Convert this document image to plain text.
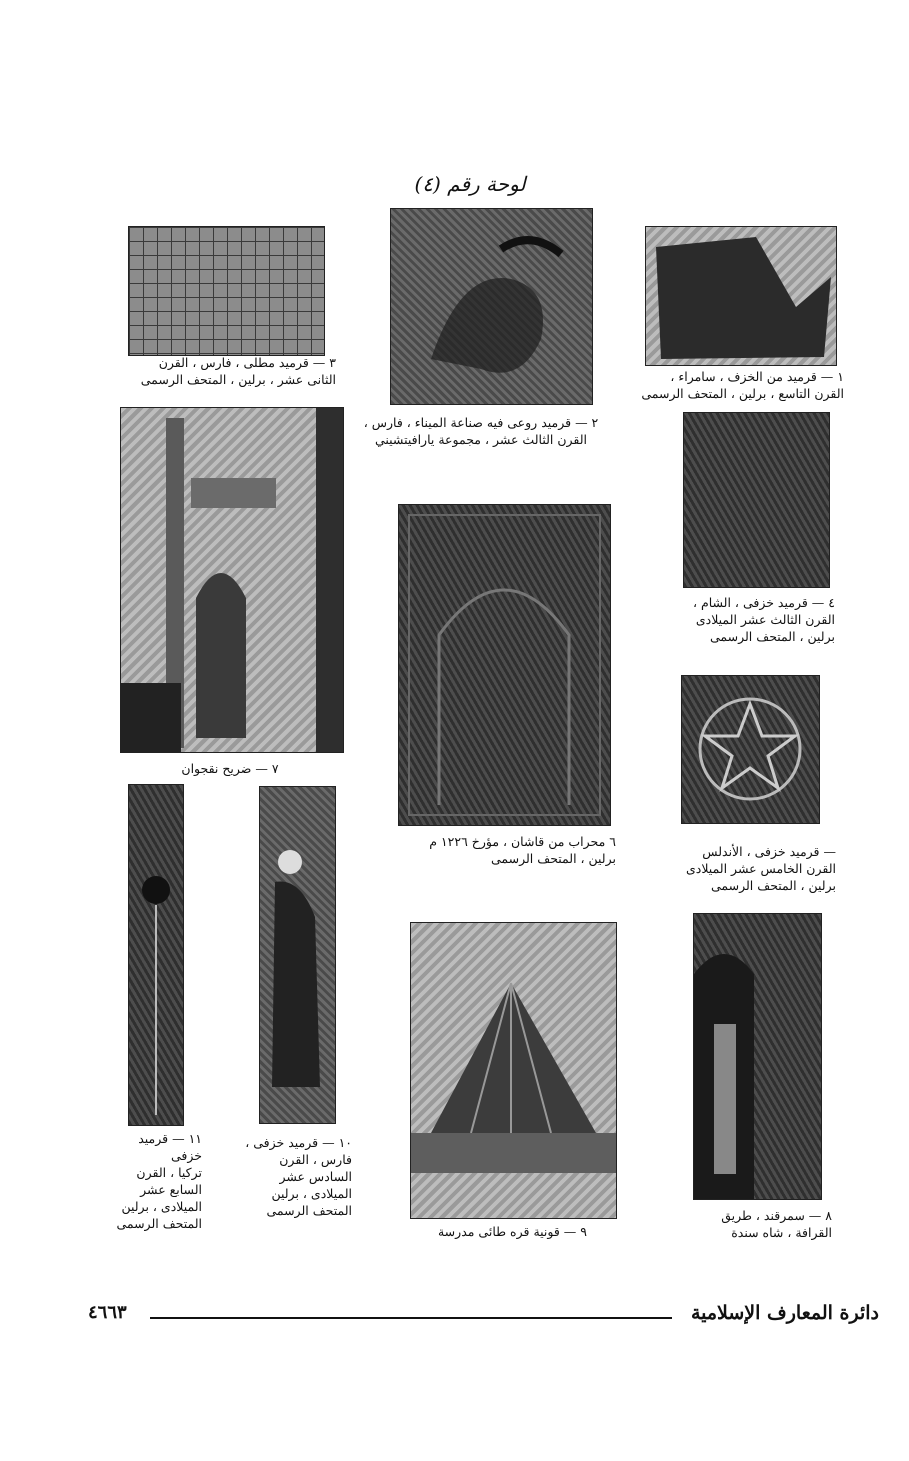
لوحة رقم (٤)
٣ — قرميد مطلى ، فارس ، القرن
الثانى عشر ، برلين ، المتحف الرسمى
٢ — قرميد روعى فيه صناعة الميناء ، فارس ،
القرن الثالث عشر ، مجموعة يارافيتشيني
١ — قرميد من الخزف ، سامراء ،
القرن التاسع ، برلين ، المتحف الرسمى
٧ — ضريح نقجوان
٤ — قرميد خزفى ، الشام ،
القرن الثالث عشر الميلادى
برلين ، المتحف الرسمى
٦ محراب من قاشان ، مؤرخ ١٢٢٦ م
برلين ، المتحف الرسمى	— قرميد خزفى ، الأندلس
القرن الخامس عشر الميلادى
برلين ، المتحف الرسمى
١١ — قرميد خزفى
تركيا ، القرن
السابع عشر
الميلادى ، برلين
المتحف الرسمى
١٠ — قرميد خزفى ،
فارس ، القرن
السادس عشر
الميلادى ، برلين
المتحف الرسمى
٩ — قونية قره طائى مدرسة
٨ — سمرقند ، طريق
القرافة ، شاه سندة
دائرة المعارف الإسلامية
٤٦٦٣
